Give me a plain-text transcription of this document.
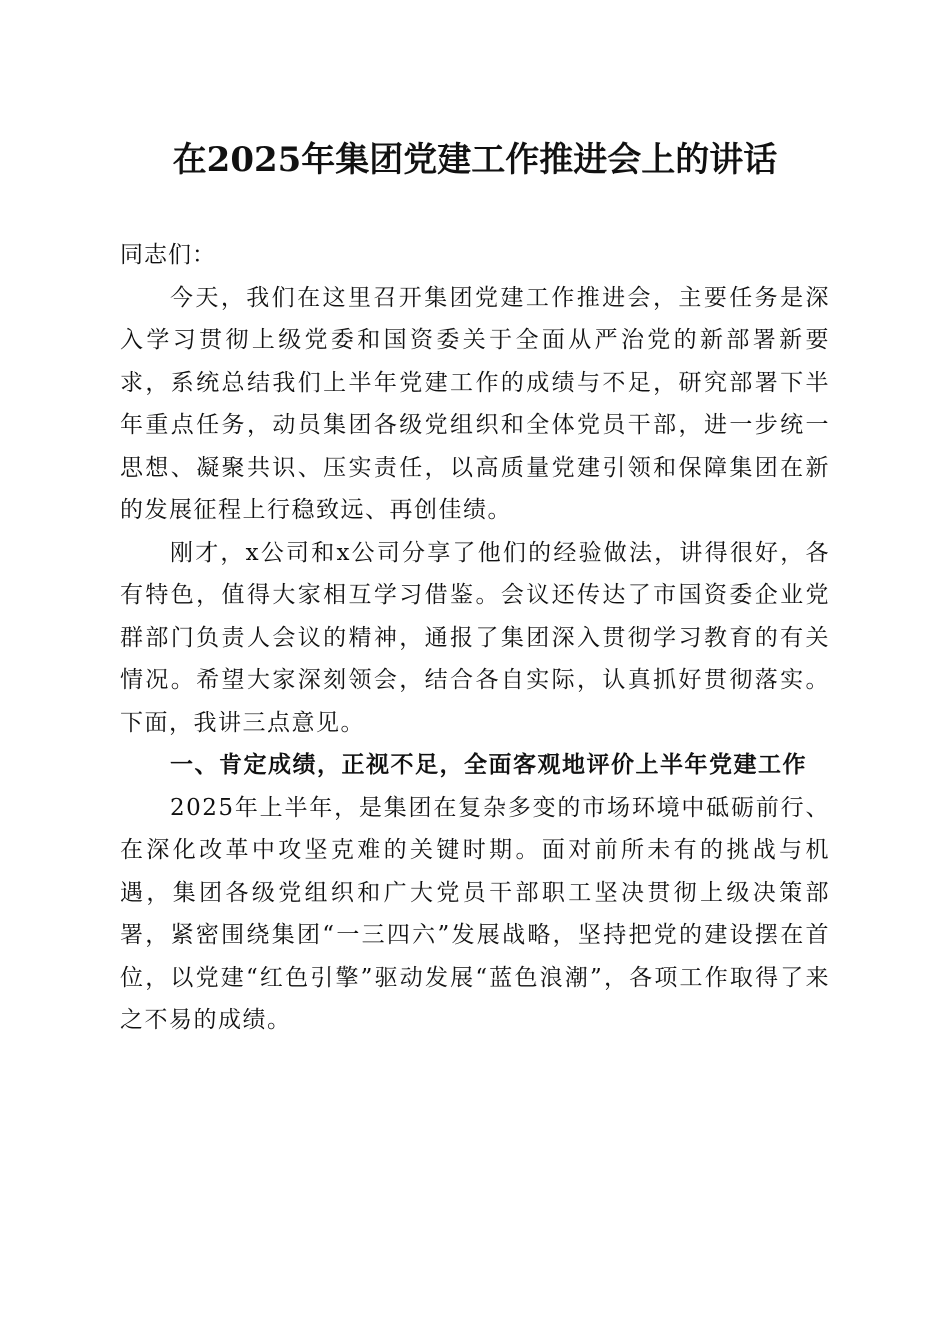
在2025年集团党建工作推进会上的讲话

同志们：

今天，我们在这里召开集团党建工作推进会，主要任务是深入学习贯彻上级党委和国资委关于全面从严治党的新部署新要求，系统总结我们上半年党建工作的成绩与不足，研究部署下半年重点任务，动员集团各级党组织和全体党员干部，进一步统一思想、凝聚共识、压实责任，以高质量党建引领和保障集团在新的发展征程上行稳致远、再创佳绩。

刚才，x公司和x公司分享了他们的经验做法，讲得很好，各有特色，值得大家相互学习借鉴。会议还传达了市国资委企业党群部门负责人会议的精神，通报了集团深入贯彻学习教育的有关情况。希望大家深刻领会，结合各自实际，认真抓好贯彻落实。下面，我讲三点意见。

一、肯定成绩，正视不足，全面客观地评价上半年党建工作

2025年上半年，是集团在复杂多变的市场环境中砥砺前行、在深化改革中攻坚克难的关键时期。面对前所未有的挑战与机遇，集团各级党组织和广大党员干部职工坚决贯彻上级决策部署，紧密围绕集团“一三四六”发展战略，坚持把党的建设摆在首位，以党建“红色引擎”驱动发展“蓝色浪潮”，各项工作取得了来之不易的成绩。
